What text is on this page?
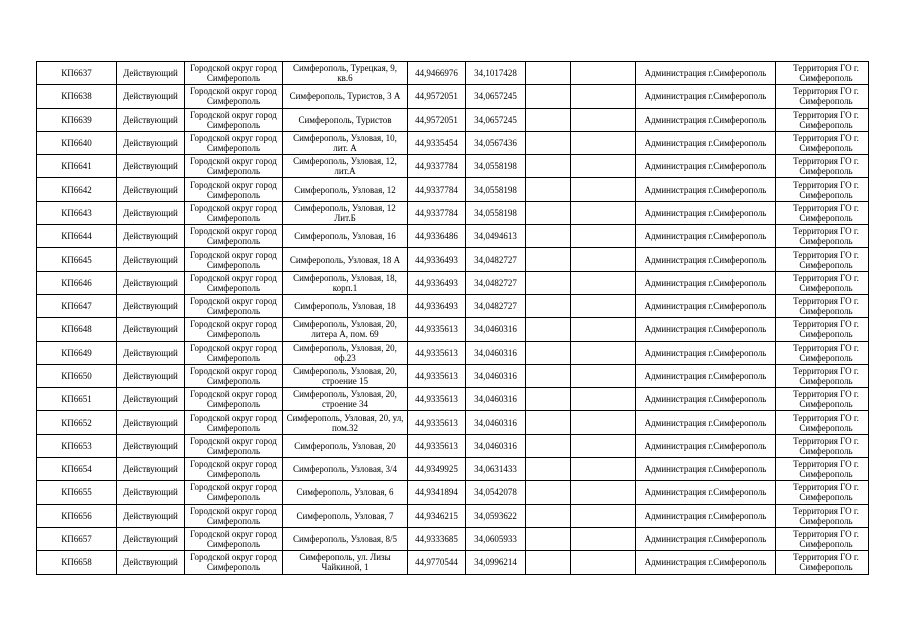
КП6637	Действующий	Городской округ город Симферополь	Симферополь, Турецкая, 9, кв.6	44,9466976	34,1017428			Администрация г.Симферополь	Территория ГО г. Симферополь
КП6638	Действующий	Городской округ город Симферополь	Симферополь, Туристов, 3 А	44,9572051	34,0657245			Администрация г.Симферополь	Территория ГО г. Симферополь
КП6639	Действующий	Городской округ город Симферополь	Симферополь, Туристов	44,9572051	34,0657245			Администрация г.Симферополь	Территория ГО г. Симферополь
КП6640	Действующий	Городской округ город Симферополь	Симферополь, Узловая, 10, лит. А	44,9335454	34,0567436			Администрация г.Симферополь	Территория ГО г. Симферополь
КП6641	Действующий	Городской округ город Симферополь	Симферополь, Узловая, 12, лит.А	44,9337784	34,0558198			Администрация г.Симферополь	Территория ГО г. Симферополь
КП6642	Действующий	Городской округ город Симферополь	Симферополь, Узловая, 12	44,9337784	34,0558198			Администрация г.Симферополь	Территория ГО г. Симферополь
КП6643	Действующий	Городской округ город Симферополь	Симферополь, Узловая, 12 Лит.Б	44,9337784	34,0558198			Администрация г.Симферополь	Территория ГО г. Симферополь
КП6644	Действующий	Городской округ город Симферополь	Симферополь, Узловая, 16	44,9336486	34,0494613			Администрация г.Симферополь	Территория ГО г. Симферополь
КП6645	Действующий	Городской округ город Симферополь	Симферополь, Узловая, 18 А	44,9336493	34,0482727			Администрация г.Симферополь	Территория ГО г. Симферополь
КП6646	Действующий	Городской округ город Симферополь	Симферополь, Узловая, 18, корп.1	44,9336493	34,0482727			Администрация г.Симферополь	Территория ГО г. Симферополь
КП6647	Действующий	Городской округ город Симферополь	Симферополь, Узловая, 18	44,9336493	34,0482727			Администрация г.Симферополь	Территория ГО г. Симферополь
КП6648	Действующий	Городской округ город Симферополь	Симферополь, Узловая, 20, литера А, пом. 69	44,9335613	34,0460316			Администрация г.Симферополь	Территория ГО г. Симферополь
КП6649	Действующий	Городской округ город Симферополь	Симферополь, Узловая, 20, оф.23	44,9335613	34,0460316			Администрация г.Симферополь	Территория ГО г. Симферополь
КП6650	Действующий	Городской округ город Симферополь	Симферополь, Узловая, 20, строение 15	44,9335613	34,0460316			Администрация г.Симферополь	Территория ГО г. Симферополь
КП6651	Действующий	Городской округ город Симферополь	Симферополь, Узловая, 20, строение 34	44,9335613	34,0460316			Администрация г.Симферополь	Территория ГО г. Симферополь
КП6652	Действующий	Городской округ город Симферополь	Симферополь, Узловая, 20, ул, пом.32	44,9335613	34,0460316			Администрация г.Симферополь	Территория ГО г. Симферополь
КП6653	Действующий	Городской округ город Симферополь	Симферополь, Узловая, 20	44,9335613	34,0460316			Администрация г.Симферополь	Территория ГО г. Симферополь
КП6654	Действующий	Городской округ город Симферополь	Симферополь, Узловая, 3/4	44,9349925	34,0631433			Администрация г.Симферополь	Территория ГО г. Симферополь
КП6655	Действующий	Городской округ город Симферополь	Симферополь, Узловая, 6	44,9341894	34,0542078			Администрация г.Симферополь	Территория ГО г. Симферополь
КП6656	Действующий	Городской округ город Симферополь	Симферополь, Узловая, 7	44,9346215	34,0593622			Администрация г.Симферополь	Территория ГО г. Симферополь
КП6657	Действующий	Городской округ город Симферополь	Симферополь, Узловая, 8/5	44,9333685	34,0605933			Администрация г.Симферополь	Территория ГО г. Симферополь
КП6658	Действующий	Городской округ город Симферополь	Симферополь, ул. Лизы Чайкиной, 1	44,9770544	34,0996214			Администрация г.Симферополь	Территория ГО г. Симферополь
